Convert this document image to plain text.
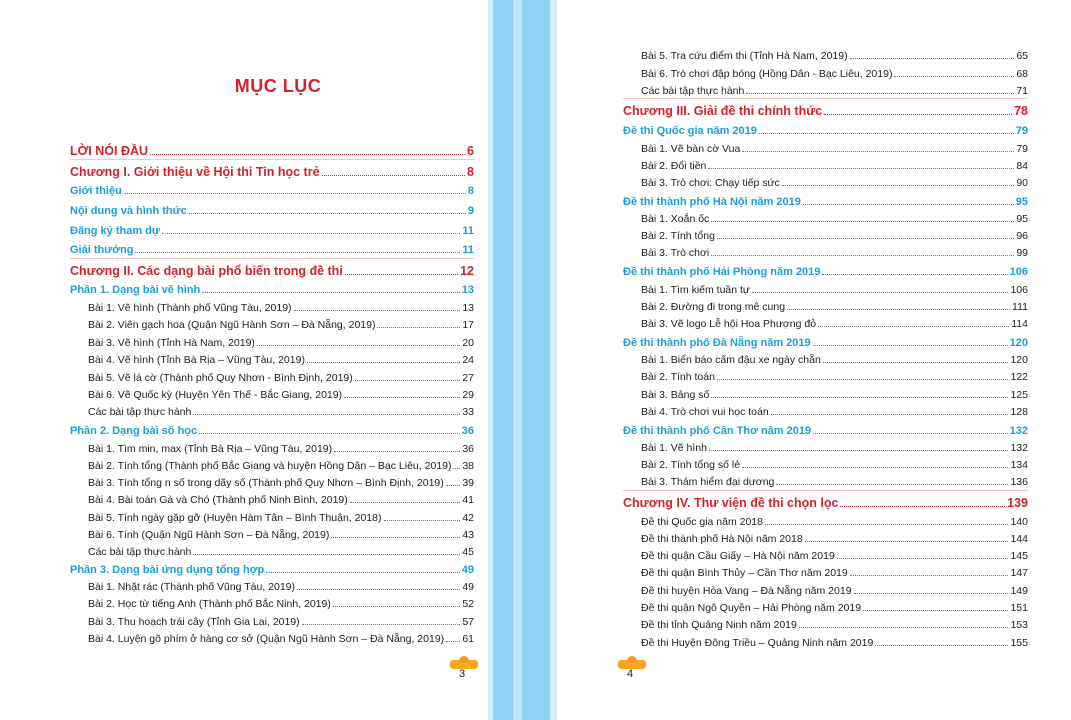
MỤC LỤC
LỜI NÓI ĐẦU	6
Chương I. Giới thiệu về Hội thi Tin học trẻ	8
Giới thiệu	8
Nội dung và hình thức	9
Đăng ký tham dự	11
Giải thưởng	11
Chương II. Các dạng bài phổ biến trong đề thi	12
Phần 1. Dạng bài vẽ hình	13
Bài 1. Vẽ hình (Thành phố Vũng Tàu, 2019)	13
Bài 2. Viên gạch hoa (Quận Ngũ Hành Sơn – Đà Nẵng, 2019)	17
Bài 3. Vẽ hình (Tỉnh Hà Nam, 2019)	20
Bài 4. Vẽ hình (Tỉnh Bà Rịa – Vũng Tàu, 2019)	24
Bài 5. Vẽ lá cờ (Thành phố Quy Nhơn - Bình Định, 2019)	27
Bài 6. Vẽ Quốc kỳ (Huyện Yên Thế - Bắc Giang, 2019)	29
Các bài tập thực hành	33
Phần 2. Dạng bài số học	36
Bài 1. Tìm min, max (Tỉnh Bà Rịa – Vũng Tàu, 2019)	36
Bài 2. Tính tổng (Thành phố Bắc Giang và huyện Hồng Dân – Bạc Liêu, 2019) 38
Bài 3. Tính tổng n số trong dãy số (Thành phố Quy Nhơn – Bình Định, 2019) 39
Bài 4. Bài toán Gà và Chó (Thành phố Ninh Bình, 2019)	41
Bài 5. Tính ngày gặp gỡ (Huyện Hàm Tân – Bình Thuận, 2018)	42
Bài 6. Tính (Quận Ngũ Hành Sơn – Đà Nẵng, 2019)	43
Các bài tập thực hành	45
Phần 3. Dạng bài ứng dụng tổng hợp	49
Bài 1. Nhặt rác (Thành phố Vũng Tàu, 2019)	49
Bài 2. Học từ tiếng Anh (Thành phố Bắc Ninh, 2019)	52
Bài 3. Thu hoạch trái cây (Tỉnh Gia Lai, 2019)	57
Bài 4. Luyện gõ phím ở hàng cơ sở (Quận Ngũ Hành Sơn – Đà Nẵng, 2019) 61
Bài 5. Tra cứu điểm thi (Tỉnh Hà Nam, 2019)	65
Bài 6. Trò chơi đập bóng (Hồng Dân - Bạc Liêu, 2019)	68
Các bài tập thực hành	71
Chương III. Giải đề thi chính thức	78
Đề thi Quốc gia năm 2019	79
Bài 1. Vẽ bàn cờ Vua	79
Bài 2. Đổi tiền	84
Bài 3. Trò chơi: Chạy tiếp sức	90
Đề thi thành phố Hà Nội năm 2019	95
Bài 1. Xoắn ốc	95
Bài 2. Tính tổng	96
Bài 3. Trò chơi	99
Đề thi thành phố Hải Phòng năm 2019	106
Bài 1. Tìm kiếm tuần tự	106
Bài 2. Đường đi trong mê cung	111
Bài 3. Vẽ logo Lễ hội Hoa Phượng đỏ	114
Đề thi thành phố Đà Nẵng năm 2019	120
Bài 1. Biển báo cấm đậu xe ngày chẵn	120
Bài 2. Tính toán	122
Bài 3. Bảng số	125
Bài 4. Trò chơi vui học toán	128
Đề thi thành phố Cần Thơ năm 2019	132
Bài 1. Vẽ hình	132
Bài 2. Tính tổng số lẻ	134
Bài 3. Thám hiểm đại dương	136
Chương IV. Thư viện đề thi chọn lọc	139
Đề thi Quốc gia năm 2018	140
Đề thi thành phố Hà Nội năm 2018	144
Đề thi quận Cầu Giấy – Hà Nội năm 2019	145
Đề thi quận Bình Thủy – Cần Thơ năm 2019	147
Đề thi huyện Hòa Vang – Đà Nẵng năm 2019	149
Đề thi quận Ngô Quyền – Hải Phòng năm 2019	151
Đề thi tỉnh Quảng Ninh năm 2019	153
Đề thi Huyện Đông Triều – Quảng Ninh năm 2019	155
3	4
